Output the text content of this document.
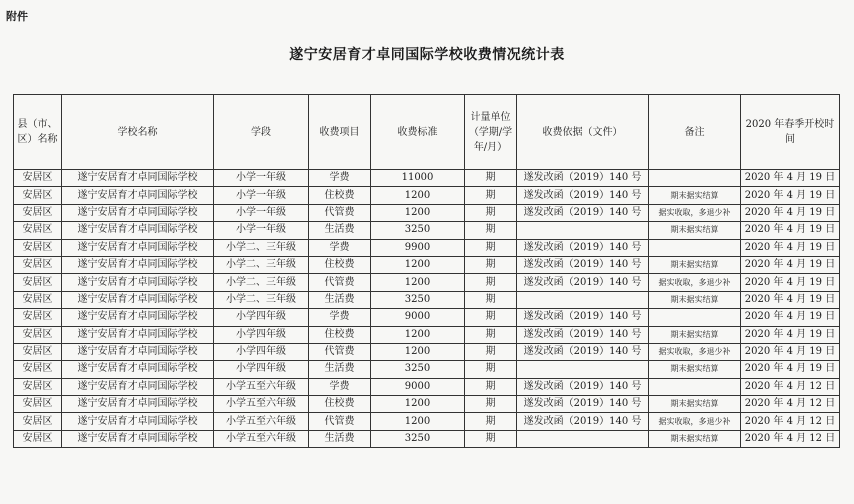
附件
遂宁安居育才卓同国际学校收费情况统计表
县（市、区）名称	学校名称	学段	收费项目	收费标准	计量单位（学期/学年/月）	收费依据（文件）	备注	2020 年春季开校时间
安居区	遂宁安居育才卓同国际学校	小学一年级	学费	11000	期	遂发改函（2019）140 号		2020 年 4 月 19 日
安居区	遂宁安居育才卓同国际学校	小学一年级	住校费	1200	期	遂发改函（2019）140 号	期末据实结算	2020 年 4 月 19 日
安居区	遂宁安居育才卓同国际学校	小学一年级	代管费	1200	期	遂发改函（2019）140 号	据实收取，多退少补	2020 年 4 月 19 日
安居区	遂宁安居育才卓同国际学校	小学一年级	生活费	3250	期		期末据实结算	2020 年 4 月 19 日
安居区	遂宁安居育才卓同国际学校	小学二、三年级	学费	9900	期	遂发改函（2019）140 号		2020 年 4 月 19 日
安居区	遂宁安居育才卓同国际学校	小学二、三年级	住校费	1200	期	遂发改函（2019）140 号	期末据实结算	2020 年 4 月 19 日
安居区	遂宁安居育才卓同国际学校	小学二、三年级	代管费	1200	期	遂发改函（2019）140 号	据实收取，多退少补	2020 年 4 月 19 日
安居区	遂宁安居育才卓同国际学校	小学二、三年级	生活费	3250	期		期末据实结算	2020 年 4 月 19 日
安居区	遂宁安居育才卓同国际学校	小学四年级	学费	9000	期	遂发改函（2019）140 号		2020 年 4 月 19 日
安居区	遂宁安居育才卓同国际学校	小学四年级	住校费	1200	期	遂发改函（2019）140 号	期末据实结算	2020 年 4 月 19 日
安居区	遂宁安居育才卓同国际学校	小学四年级	代管费	1200	期	遂发改函（2019）140 号	据实收取，多退少补	2020 年 4 月 19 日
安居区	遂宁安居育才卓同国际学校	小学四年级	生活费	3250	期		期末据实结算	2020 年 4 月 19 日
安居区	遂宁安居育才卓同国际学校	小学五至六年级	学费	9000	期	遂发改函（2019）140 号		2020 年 4 月 12 日
安居区	遂宁安居育才卓同国际学校	小学五至六年级	住校费	1200	期	遂发改函（2019）140 号	期末据实结算	2020 年 4 月 12 日
安居区	遂宁安居育才卓同国际学校	小学五至六年级	代管费	1200	期	遂发改函（2019）140 号	据实收取，多退少补	2020 年 4 月 12 日
安居区	遂宁安居育才卓同国际学校	小学五至六年级	生活费	3250	期		期末据实结算	2020 年 4 月 12 日
